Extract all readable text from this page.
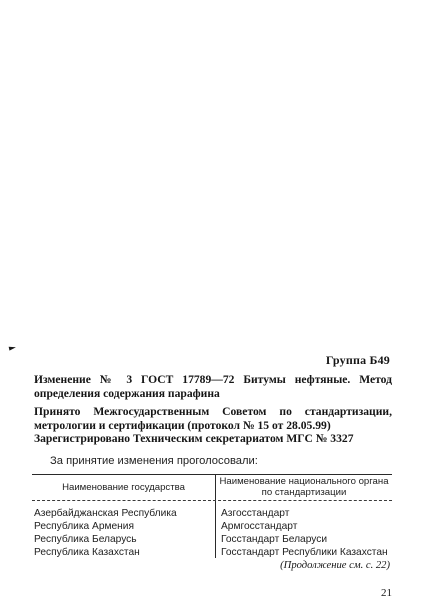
Группа Б49
Изменение № 3 ГОСТ 17789—72 Битумы нефтяные. Метод определения содержания парафина
Принято Межгосударственным Советом по стандартизации, метрологии и сертификации (протокол № 15 от 28.05.99)
Зарегистрировано Техническим секретариатом МГС № 3327
За принятие изменения проголосовали:
Наименование государства
Наименование национального органа по стандартизации
Азербайджанская Республика
Республика Армения
Республика Беларусь
Республика Казахстан
Азгосстандарт
Армгосстандарт
Госстандарт Беларуси
Госстандарт Республики Казахстан
(Продолжение см. с. 22)
21
